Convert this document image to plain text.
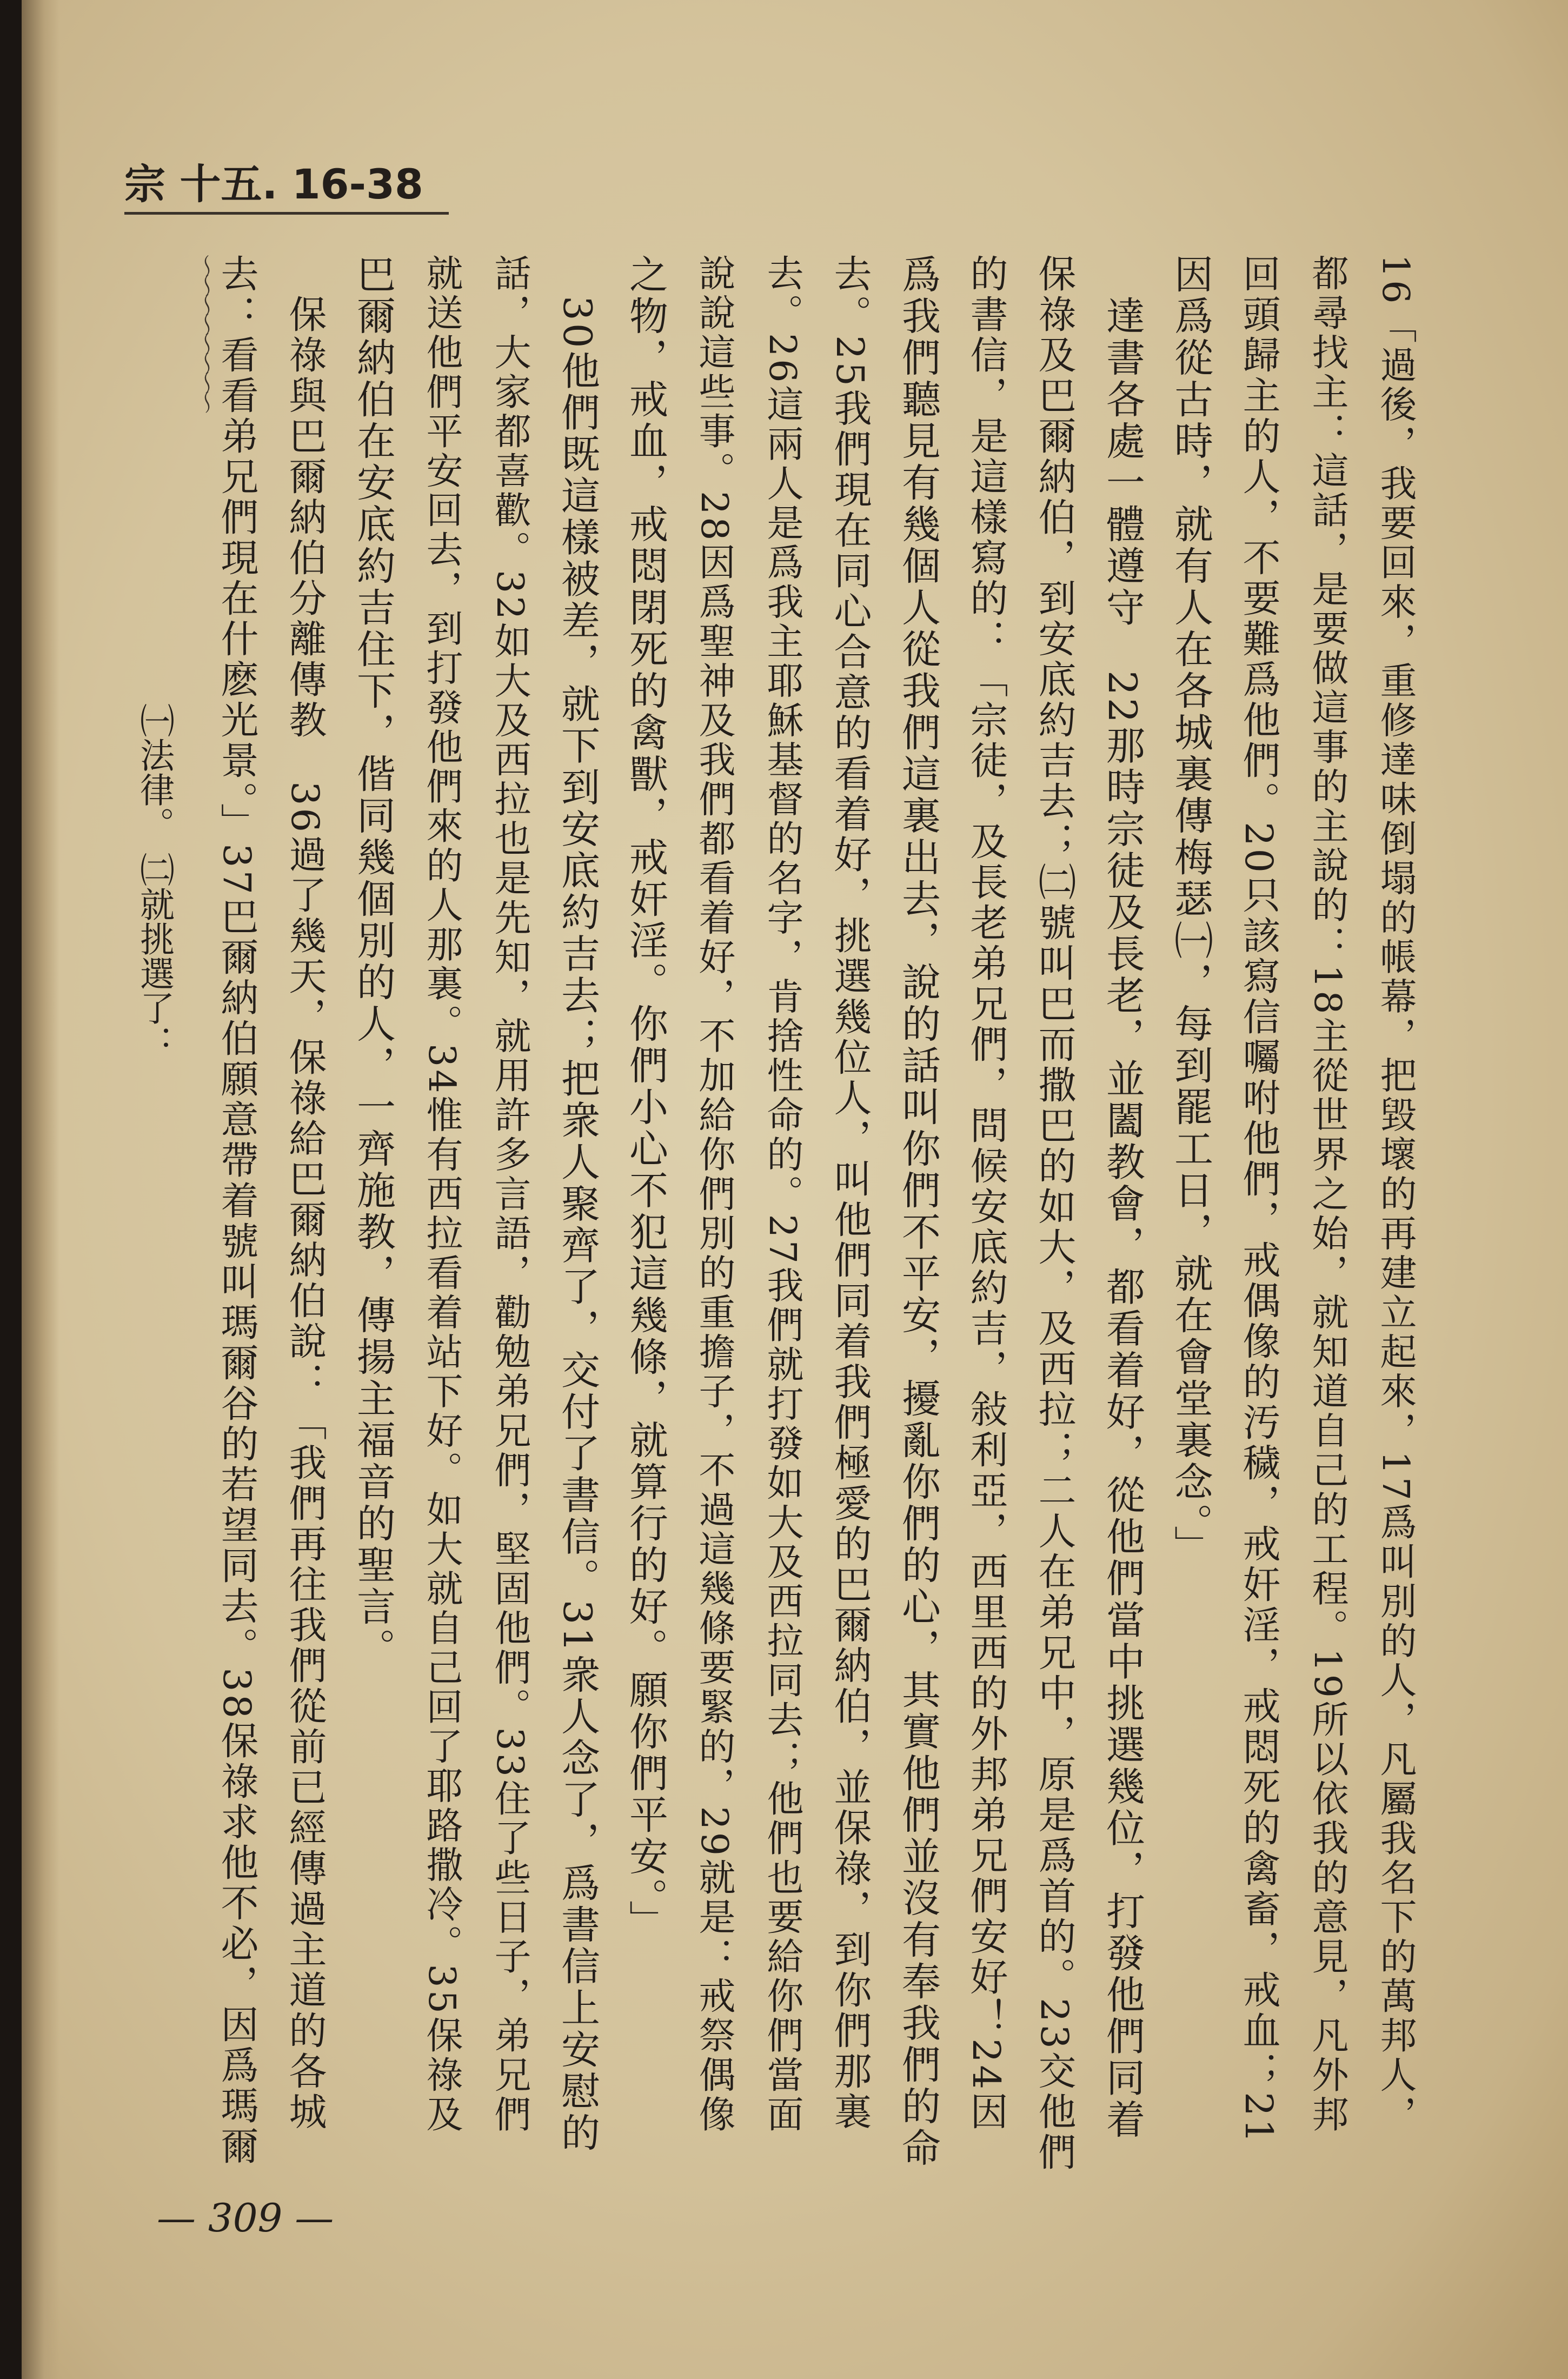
宗 十五. 16-38
16「過後，我要回來，重修達味倒塌的帳幕，把毀壞的再建立起來，17爲叫別的人，凡屬我名下的萬邦人，
都尋找主：這話，是要做這事的主說的：18主從世界之始，就知道自己的工程。19所以依我的意見，凡外邦
回頭歸主的人，不要難爲他們。20只該寫信囑咐他們，戒偶像的汚穢，戒奸淫，戒悶死的禽畜，戒血；21
因爲從古時，就有人在各城裏傳梅瑟㈠，每到罷工日，就在會堂裏念。」
　達書各處一體遵守　22那時宗徒及長老，並闔教會，都看着好，從他們當中挑選幾位，打發他們同着
保祿及巴爾納伯，到安底約吉去；㈡號叫巴而撒巴的如大，及西拉；二人在弟兄中，原是爲首的。23交他們
的書信，是這樣寫的：「宗徒，及長老弟兄們，問候安底約吉，敍利亞，西里西的外邦弟兄們安好！24因
爲我們聽見有幾個人從我們這裏出去，說的話叫你們不平安，擾亂你們的心，其實他們並沒有奉我們的命
去。25我們現在同心合意的看着好，挑選幾位人，叫他們同着我們極愛的巴爾納伯，並保祿，到你們那裏
去。26這兩人是爲我主耶穌基督的名字，肯捨性命的。27我們就打發如大及西拉同去；他們也要給你們當面
說說這些事。28因爲聖神及我們都看着好，不加給你們別的重擔子，不過這幾條要緊的，29就是：戒祭偶像
之物，戒血，戒悶閉死的禽獸，戒奸淫。你們小心不犯這幾條，就算行的好。願你們平安。」
　30他們既這樣被差，就下到安底約吉去；把衆人聚齊了，交付了書信。31衆人念了，爲書信上安慰的
話，大家都喜歡。32如大及西拉也是先知，就用許多言語，勸勉弟兄們，堅固他們。33住了些日子，弟兄們
就送他們平安回去，到打發他們來的人那裏。34惟有西拉看着站下好。如大就自己回了耶路撒冷。35保祿及
巴爾納伯在安底約吉住下，偕同幾個別的人，一齊施教，傳揚主福音的聖言。
　保祿與巴爾納伯分離傳教　36過了幾天，保祿給巴爾納伯說：「我們再往我們從前已經傳過主道的各城
去：看看弟兄們現在什麽光景。」37巴爾納伯願意帶着號叫瑪爾谷的若望同去。38保祿求他不必，因爲瑪爾
～～～～～～～～
㈠法律。 ㈡就挑選了：
— 309 —
